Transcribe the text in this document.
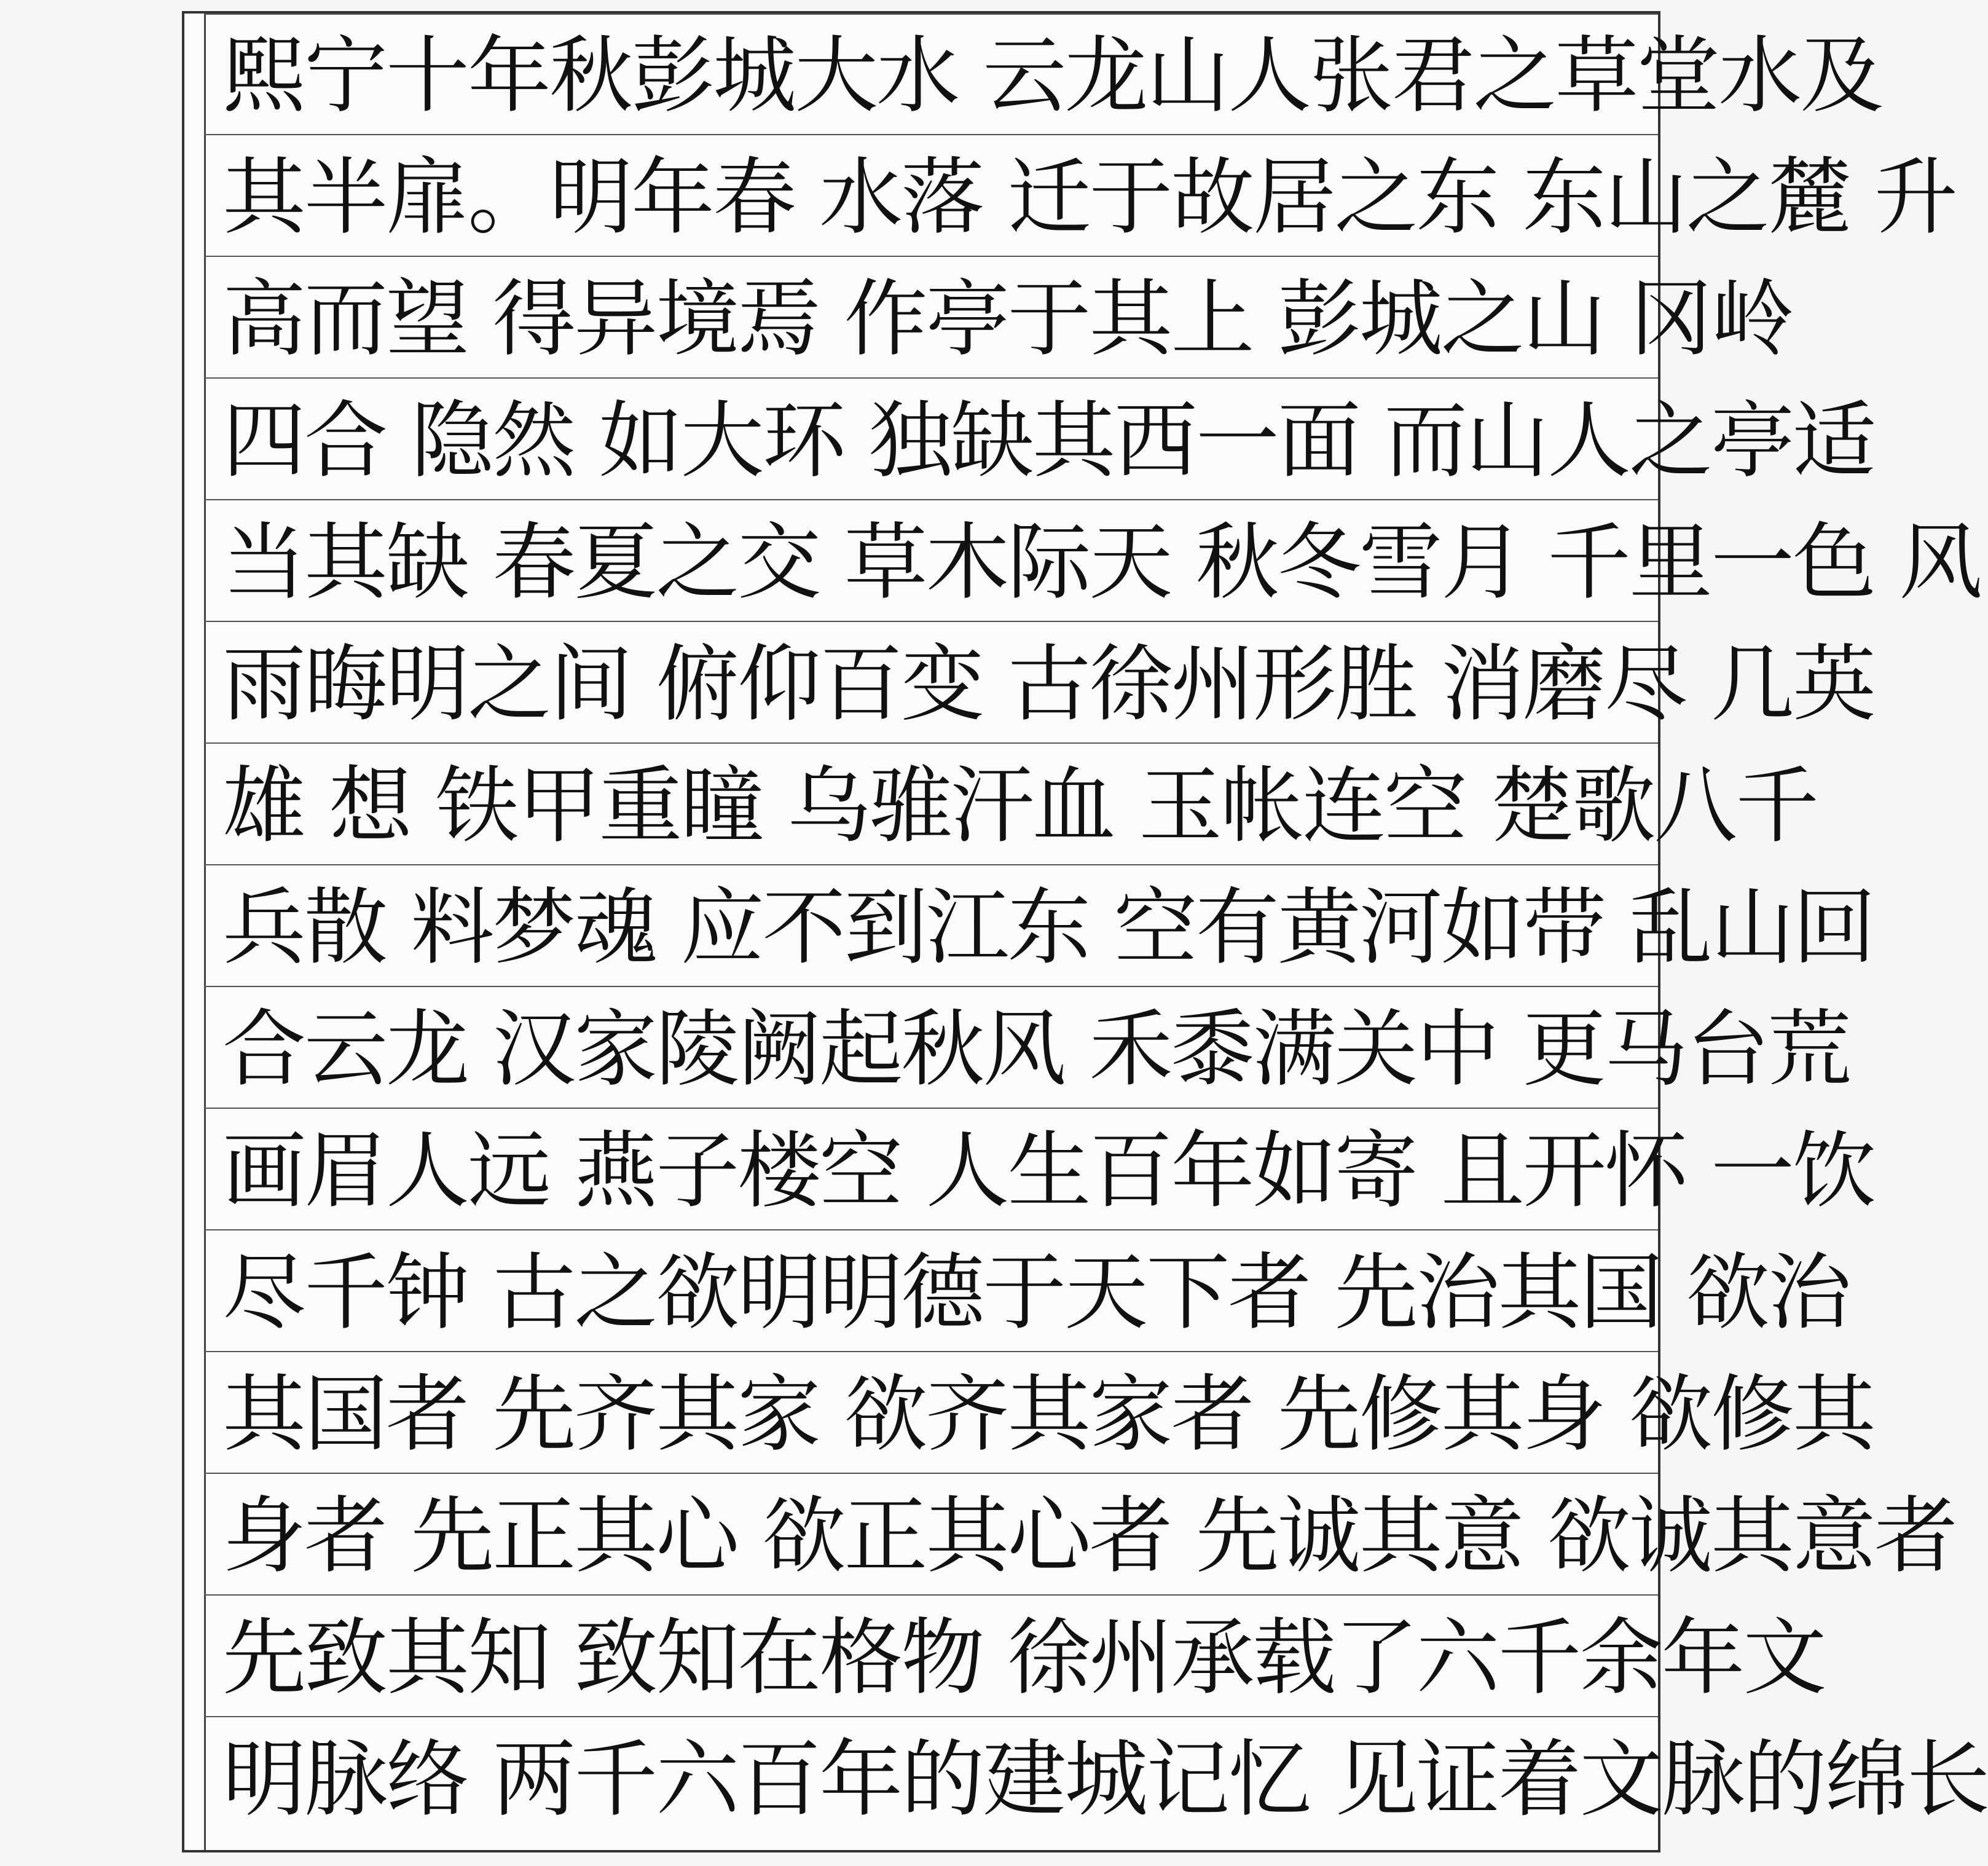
熙宁十年秋彭城大水 云龙山人张君之草堂水及
其半扉。明年春 水落 迁于故居之东 东山之麓 升
高而望 得异境焉 作亭于其上 彭城之山 冈岭
四合 隐然 如大环 独缺其西一面 而山人之亭适
当其缺 春夏之交 草木际天 秋冬雪月 千里一色 风
雨晦明之间 俯仰百变 古徐州形胜 消磨尽 几英
雄 想 铁甲重瞳 乌骓汗血 玉帐连空 楚歌八千
兵散 料梦魂 应不到江东 空有黄河如带 乱山回
合云龙 汉家陵阙起秋风 禾黍满关中 更马台荒
画眉人远 燕子楼空 人生百年如寄 且开怀 一饮
尽千钟 古之欲明明德于天下者 先治其国 欲治
其国者 先齐其家 欲齐其家者 先修其身 欲修其
身者 先正其心 欲正其心者 先诚其意 欲诚其意者
先致其知 致知在格物 徐州承载了六千余年文
明脉络 两千六百年的建城记忆 见证着文脉的绵长
